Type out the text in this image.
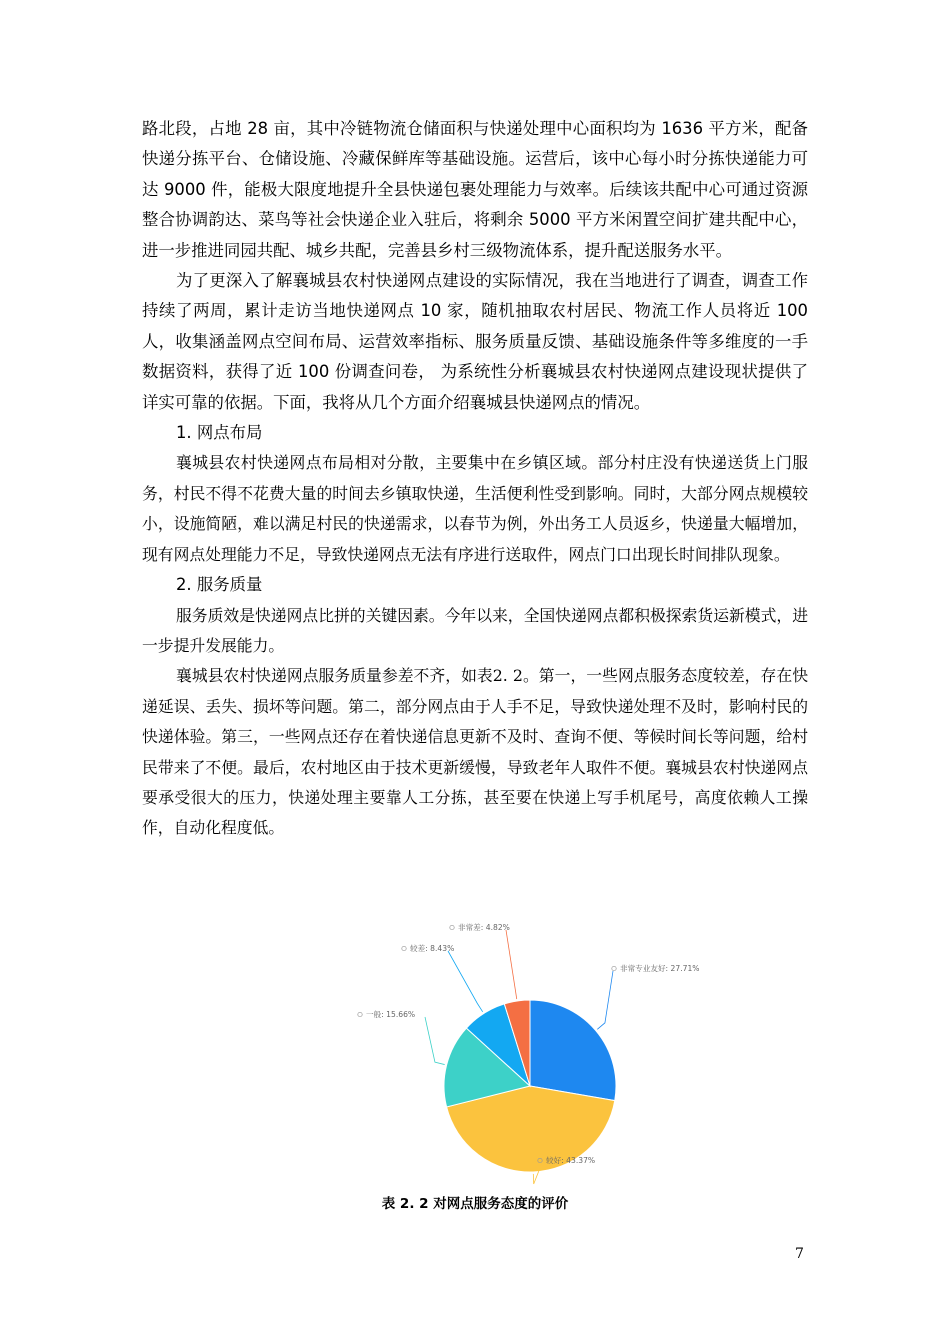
路北段，占地 28 亩，其中冷链物流仓储面积与快递处理中心面积均为 1636 平方米，配备快递分拣平台、仓储设施、冷藏保鲜库等基础设施。运营后，该中心每小时分拣快递能力可达 9000 件，能极大限度地提升全县快递包裹处理能力与效率。后续该共配中心可通过资源整合协调韵达、菜鸟等社会快递企业入驻后，将剩余 5000 平方米闲置空间扩建共配中心，进一步推进同园共配、城乡共配，完善县乡村三级物流体系，提升配送服务水平。

为了更深入了解襄城县农村快递网点建设的实际情况，我在当地进行了调查，调查工作持续了两周，累计走访当地快递网点 10 家，随机抽取农村居民、物流工作人员将近 100 人，收集涵盖网点空间布局、运营效率指标、服务质量反馈、基础设施条件等多维度的一手数据资料，获得了近 100 份调查问卷， 为系统性分析襄城县农村快递网点建设现状提供了详实可靠的依据。下面，我将从几个方面介绍襄城县快递网点的情况。

1. 网点布局

襄城县农村快递网点布局相对分散，主要集中在乡镇区域。部分村庄没有快递送货上门服务，村民不得不花费大量的时间去乡镇取快递，生活便利性受到影响。同时，大部分网点规模较小，设施简陋，难以满足村民的快递需求，以春节为例，外出务工人员返乡，快递量大幅增加，现有网点处理能力不足，导致快递网点无法有序进行送取件，网点门口出现长时间排队现象。

2. 服务质量

服务质效是快递网点比拼的关键因素。今年以来，全国快递网点都积极探索货运新模式，进一步提升发展能力。

襄城县农村快递网点服务质量参差不齐，如表2. 2。第一，一些网点服务态度较差，存在快递延误、丢失、损坏等问题。第二，部分网点由于人手不足，导致快递处理不及时，影响村民的快递体验。第三，一些网点还存在着快递信息更新不及时、查询不便、等候时间长等问题，给村民带来了不便。最后，农村地区由于技术更新缓慢，导致老年人取件不便。襄城县农村快递网点要承受很大的压力，快递处理主要靠人工分拣，甚至要在快递上写手机尾号，高度依赖人工操作，自动化程度低。

非常专业友好: 27.71%
较好: 43.37%
一般: 15.66%
较差: 8.43%
非常差: 4.82%
表 2. 2 对网点服务态度的评价
7
